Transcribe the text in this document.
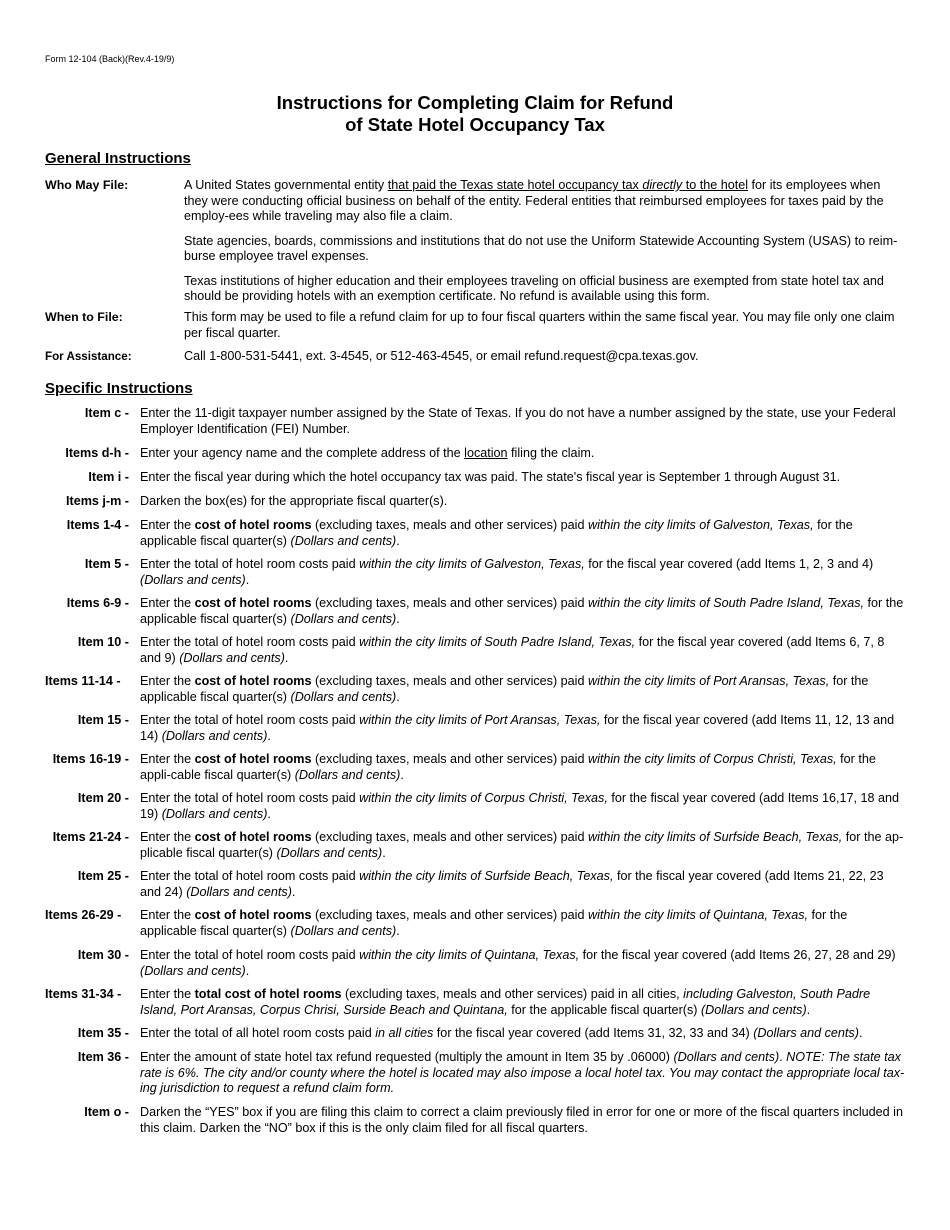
Form 12-104 (Back)(Rev.4-19/9)
Instructions for Completing Claim for Refund
of State Hotel Occupancy Tax
General Instructions
Who May File:	A United States governmental entity that paid the Texas state hotel occupancy tax directly to the hotel for its employees when they were conducting official business on behalf of the entity. Federal entities that reimbursed employees for taxes paid by the employ-ees while traveling may also file a claim.

State agencies, boards, commissions and institutions that do not use the Uniform Statewide Accounting System (USAS) to reim-burse employee travel expenses.

Texas institutions of higher education and their employees traveling on official business are exempted from state hotel tax and should be providing hotels with an exemption certificate. No refund is available using this form.

When to File:	This form may be used to file a refund claim for up to four fiscal quarters within the same fiscal year. You may file only one claim per fiscal quarter.
For Assistance:	Call 1-800-531-5441, ext. 3-4545, or 512-463-4545, or email refund.request@cpa.texas.gov.
Specific Instructions
Item c - Enter the 11-digit taxpayer number assigned by the State of Texas. If you do not have a number assigned by the state, use your Federal Employer Identification (FEI) Number.
Items d-h - Enter your agency name and the complete address of the location filing the claim.
Item i - Enter the fiscal year during which the hotel occupancy tax was paid. The state's fiscal year is September 1 through August 31.
Items j-m - Darken the box(es) for the appropriate fiscal quarter(s).
Items 1-4 - Enter the cost of hotel rooms (excluding taxes, meals and other services) paid within the city limits of Galveston, Texas, for the applicable fiscal quarter(s) (Dollars and cents).
Item 5 - Enter the total of hotel room costs paid within the city limits of Galveston, Texas, for the fiscal year covered (add Items 1, 2, 3 and 4) (Dollars and cents).
Items 6-9 - Enter the cost of hotel rooms (excluding taxes, meals and other services) paid within the city limits of South Padre Island, Texas, for the applicable fiscal quarter(s) (Dollars and cents).
Item 10 - Enter the total of hotel room costs paid within the city limits of South Padre Island, Texas, for the fiscal year covered (add Items 6, 7, 8 and 9) (Dollars and cents).
Items 11-14 - Enter the cost of hotel rooms (excluding taxes, meals and other services) paid within the city limits of Port Aransas, Texas, for the applicable fiscal quarter(s) (Dollars and cents).
Item 15 - Enter the total of hotel room costs paid within the city limits of Port Aransas, Texas, for the fiscal year covered (add Items 11, 12, 13 and 14) (Dollars and cents).
Items 16-19 - Enter the cost of hotel rooms (excluding taxes, meals and other services) paid within the city limits of Corpus Christi, Texas, for the appli-cable fiscal quarter(s) (Dollars and cents).
Item 20 - Enter the total of hotel room costs paid within the city limits of Corpus Christi, Texas, for the fiscal year covered (add Items 16,17, 18 and 19) (Dollars and cents).
Items 21-24 - Enter the cost of hotel rooms (excluding taxes, meals and other services) paid within the city limits of Surfside Beach, Texas, for the ap-plicable fiscal quarter(s) (Dollars and cents).
Item 25 - Enter the total of hotel room costs paid within the city limits of Surfside Beach, Texas, for the fiscal year covered (add Items 21, 22, 23 and 24) (Dollars and cents).
Items 26-29 - Enter the cost of hotel rooms (excluding taxes, meals and other services) paid within the city limits of Quintana, Texas, for the applicable fiscal quarter(s) (Dollars and cents).
Item 30 - Enter the total of hotel room costs paid within the city limits of Quintana, Texas, for the fiscal year covered (add Items 26, 27, 28 and 29) (Dollars and cents).
Items 31-34 - Enter the total cost of hotel rooms (excluding taxes, meals and other services) paid in all cities, including Galveston, South Padre Island, Port Aransas, Corpus Chrisi, Surside Beach and Quintana, for the applicable fiscal quarter(s) (Dollars and cents).
Item 35 - Enter the total of all hotel room costs paid in all cities for the fiscal year covered (add Items 31, 32, 33 and 34) (Dollars and cents).
Item 36 - Enter the amount of state hotel tax refund requested (multiply the amount in Item 35 by .06000) (Dollars and cents). NOTE: The state tax rate is 6%. The city and/or county where the hotel is located may also impose a local hotel tax. You may contact the appropriate local tax-ing jurisdiction to request a refund claim form.
Item o - Darken the “YES” box if you are filing this claim to correct a claim previously filed in error for one or more of the fiscal quarters included in this claim. Darken the “NO” box if this is the only claim filed for all fiscal quarters.
